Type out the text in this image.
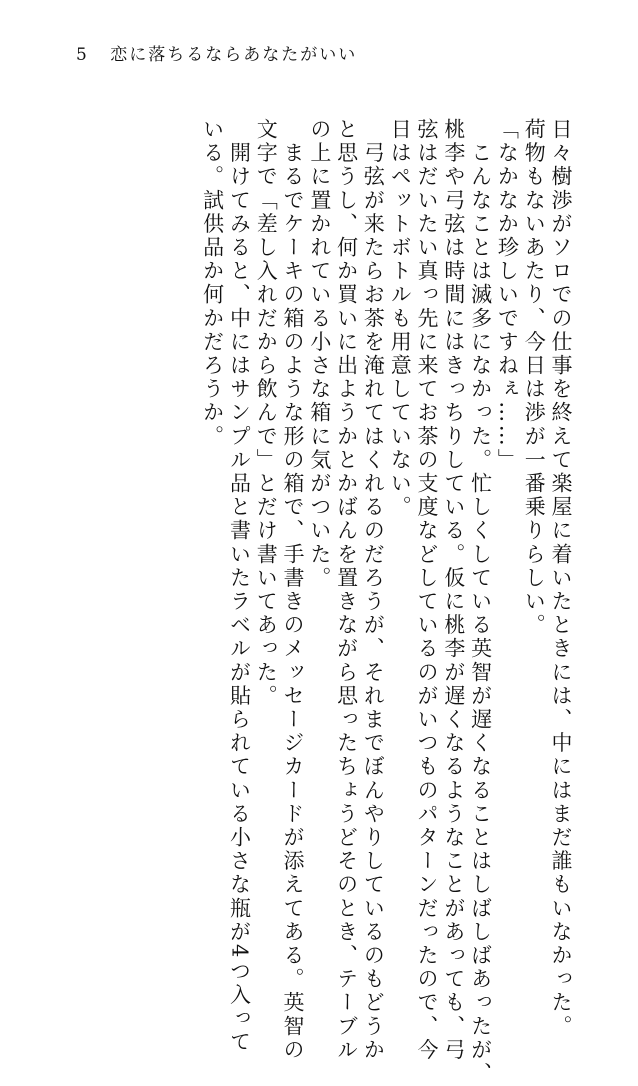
5 恋に落ちるならあなたがいい
日々樹渉がソロでの仕事を終えて楽屋に着いたときには、中にはまだ誰もいなかった。
荷物もないあたり、今日は渉が一番乗りらしい。
「なかなか珍しいですねぇ……」
　こんなことは滅多になかった。忙しくしている英智が遅くなることはしばしばあったが、
桃李や弓弦は時間にはきっちりしている。仮に桃李が遅くなるようなことがあっても、弓
弦はだいたい真っ先に来てお茶の支度などしているのがいつものパターンだったので、今
日はペットボトルも用意していない。
　弓弦が来たらお茶を淹れてはくれるのだろうが、それまでぼんやりしているのもどうか
と思うし、何か買いに出ようかとかばんを置きながら思ったちょうどそのとき、テーブル
の上に置かれている小さな箱に気がついた。
　まるでケーキの箱のような形の箱で、手書きのメッセージカードが添えてある。英智の
文字で「差し入れだから飲んで」とだけ書いてあった。
　開けてみると、中にはサンプル品と書いたラベルが貼られている小さな瓶が4つ入って
いる。試供品か何かだろうか。
